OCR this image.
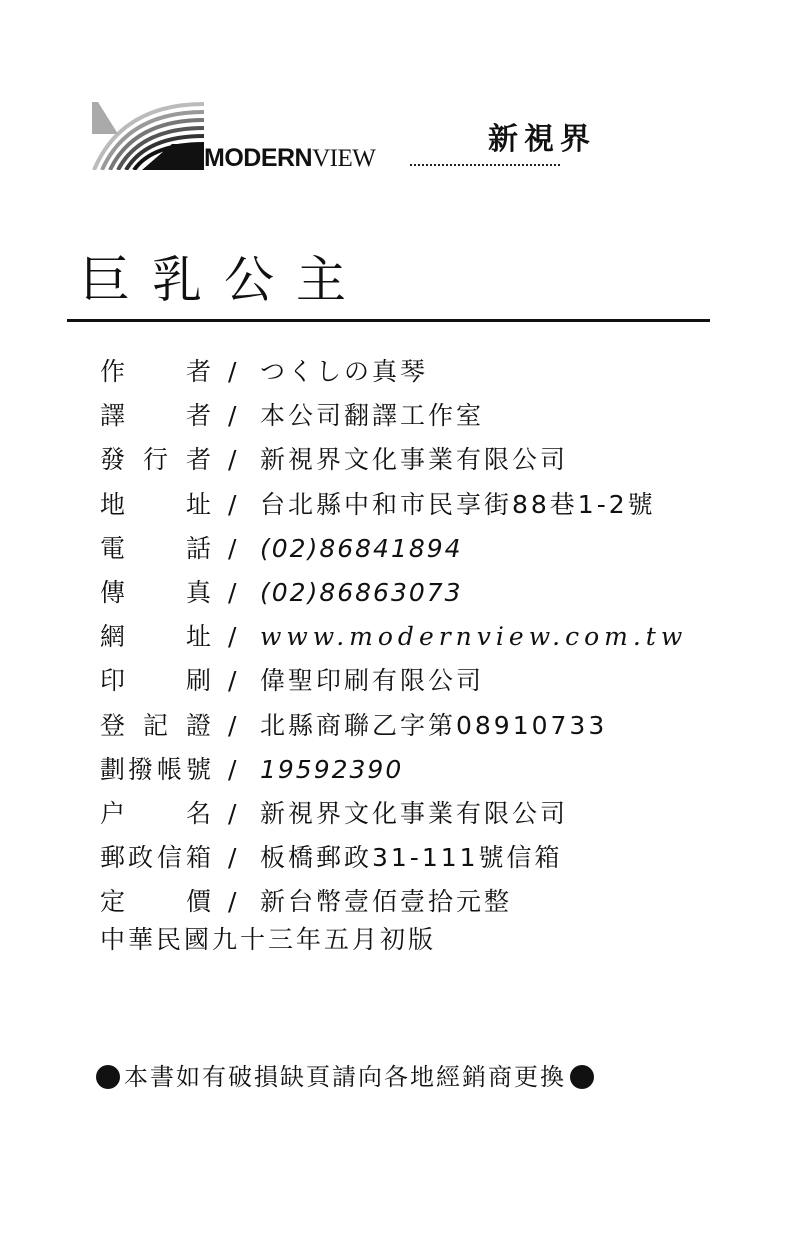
MODERNVIEW
新視界
巨乳公主
作 者 / つくしの真琴
譯 者 / 本公司翻譯工作室
發 行 者 / 新視界文化事業有限公司
地 址 / 台北縣中和市民享街88巷1-2號
電 話 / (02)86841894
傳 真 / (02)86863073
網 址 / www.modernview.com.tw
印 刷 / 偉聖印刷有限公司
登 記 證 / 北縣商聯乙字第08910733
劃 撥 帳 號 / 19592390
户 名 / 新視界文化事業有限公司
郵 政 信 箱 / 板橋郵政31-111號信箱
定 價 / 新台幣壹佰壹拾元整
中華民國九十三年五月初版
本書如有破損缺頁請向各地經銷商更換
